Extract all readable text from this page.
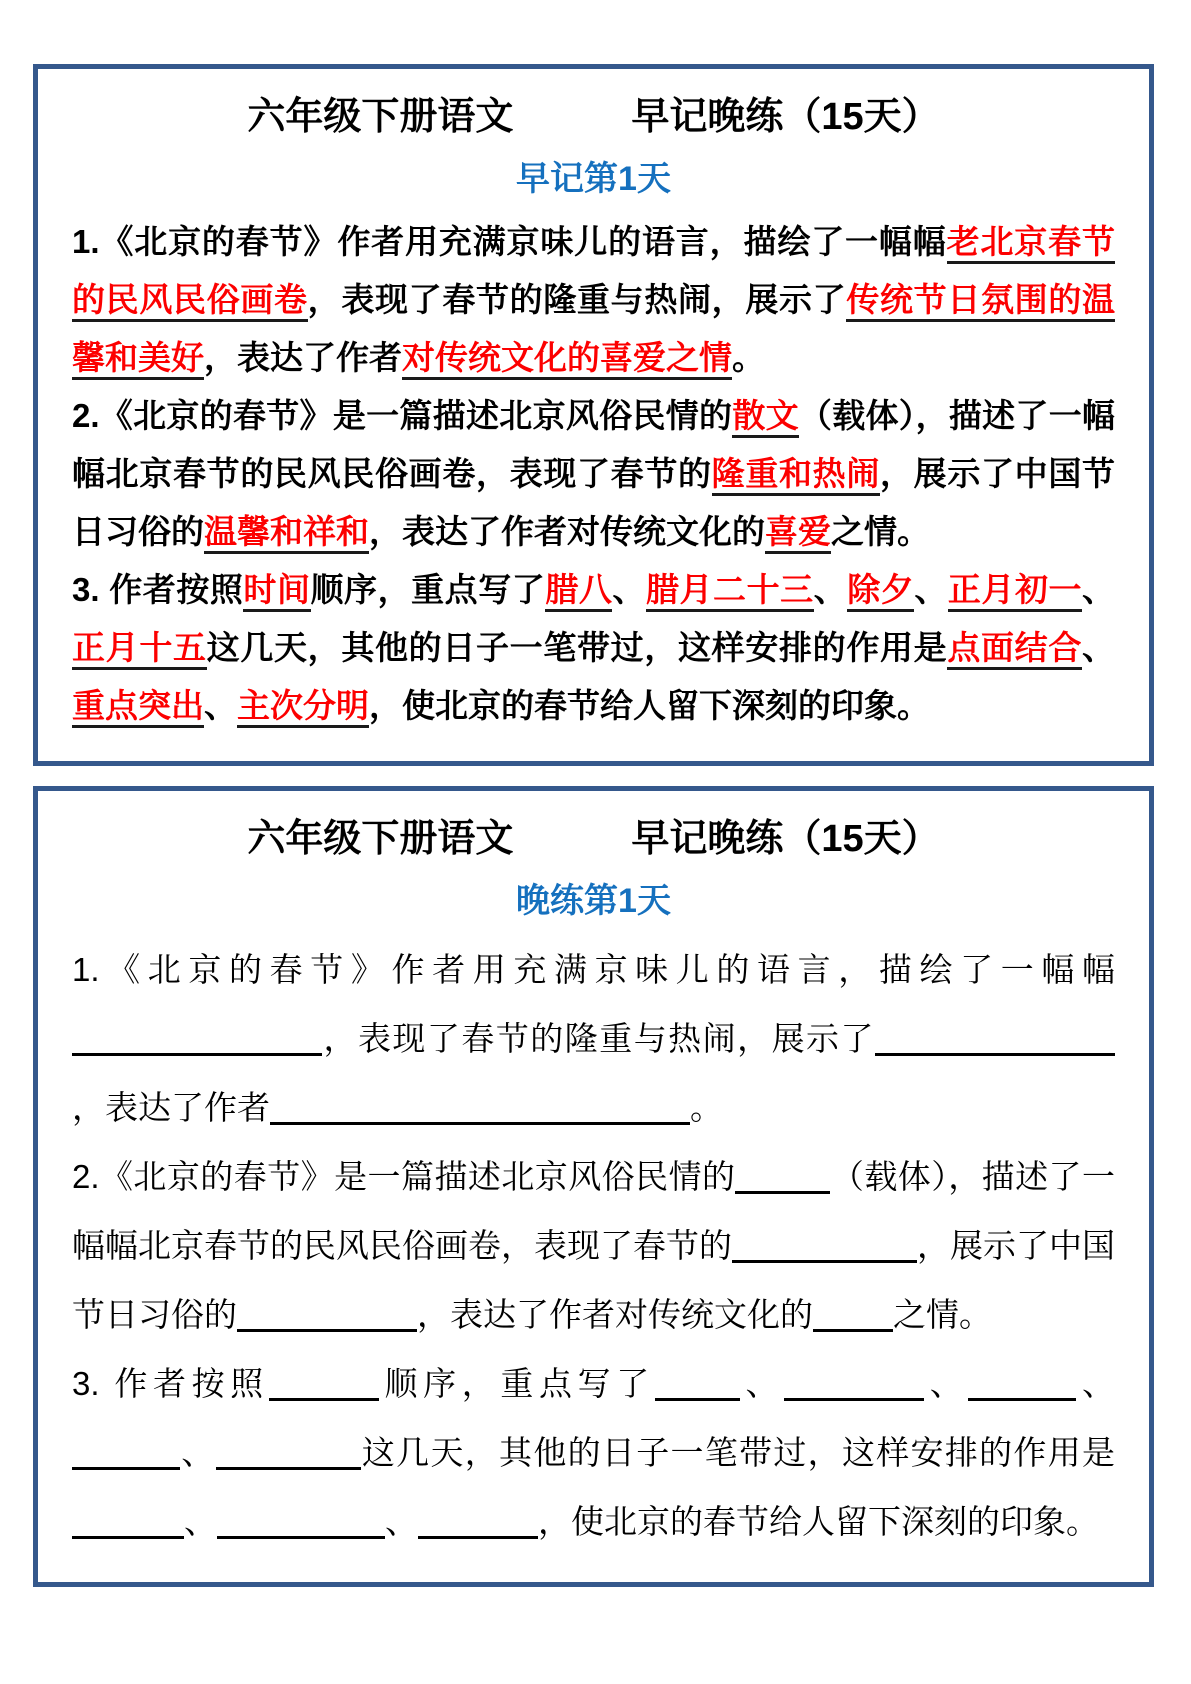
六年级下册语文	早记晚练（15天）
早记第1天

1.《北京的春节》作者用充满京味儿的语言，描绘了一幅幅老北京春节的民风民俗画卷，表现了春节的隆重与热闹，展示了传统节日氛围的温馨和美好，表达了作者对传统文化的喜爱之情。

2.《北京的春节》是一篇描述北京风俗民情的散文（载体），描述了一幅幅北京春节的民风民俗画卷，表现了春节的隆重和热闹，展示了中国节日习俗的温馨和祥和，表达了作者对传统文化的喜爱之情。

3. 作者按照时间顺序，重点写了腊八、腊月二十三、除夕、正月初一、正月十五这几天，其他的日子一笔带过，这样安排的作用是点面结合、重点突出、主次分明，使北京的春节给人留下深刻的印象。

六年级下册语文	早记晚练（15天）
晚练第1天

1.《北京的春节》作者用充满京味儿的语言，描绘了一幅幅，表现了春节的隆重与热闹，展示了，表达了作者	。

2.《北京的春节》是一篇描述北京风俗民情的	（载体），描述了一幅幅北京春节的民风民俗画卷，表现了春节的	，展示了中国节日习俗的	，表达了作者对传统文化的 之情。

3. 作者按照	顺序，重点写了	、	、	、、	这几天，其他的日子一笔带过，这样安排的作用是、	、	，使北京的春节给人留下深刻的印象。
